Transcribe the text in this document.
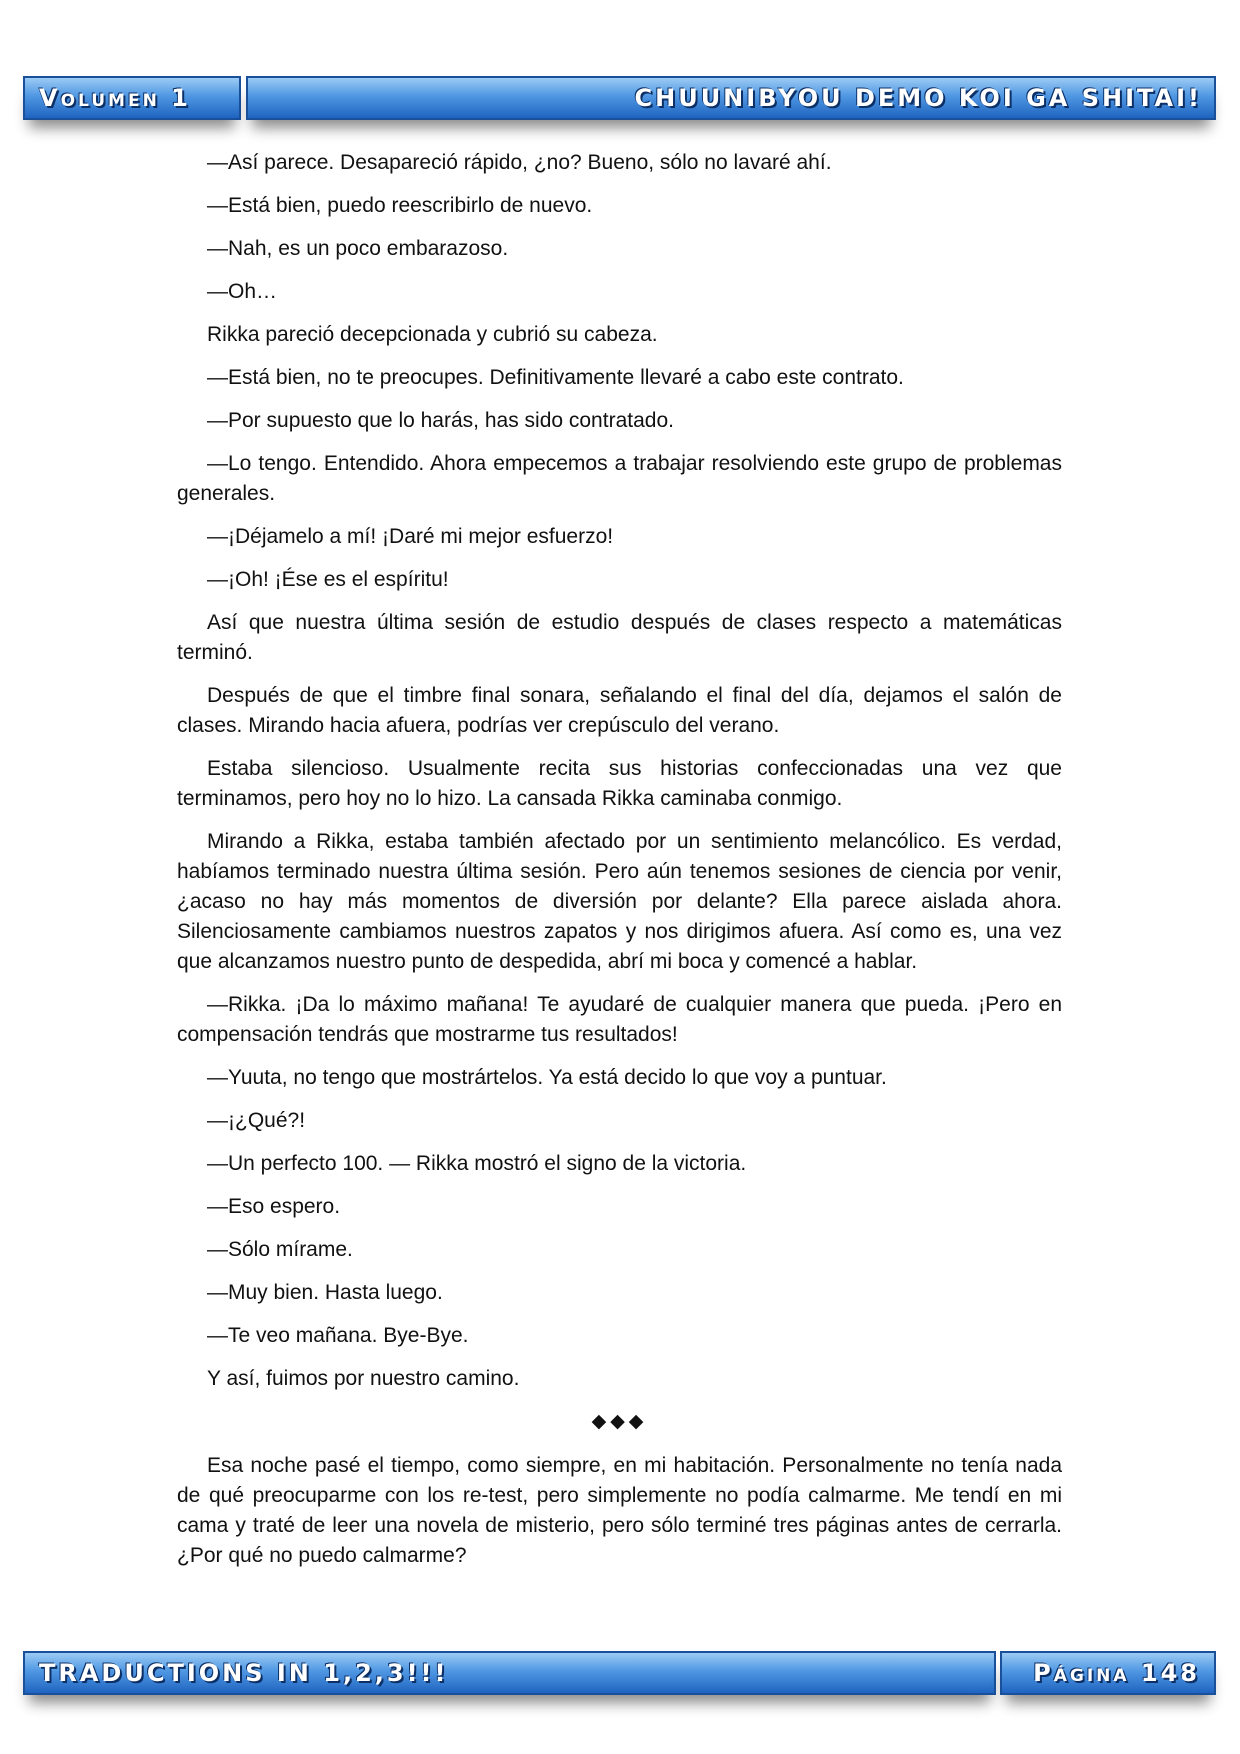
Volumen 1	CHUUNIBYOU DEMO KOI GA SHITAI!

—Así parece. Desapareció rápido, ¿no? Bueno, sólo no lavaré ahí.

—Está bien, puedo reescribirlo de nuevo.

—Nah, es un poco embarazoso.

—Oh…

Rikka pareció decepcionada y cubrió su cabeza.

—Está bien, no te preocupes. Definitivamente llevaré a cabo este contrato.

—Por supuesto que lo harás, has sido contratado.

—Lo tengo. Entendido. Ahora empecemos a trabajar resolviendo este grupo de problemas generales.

—¡Déjamelo a mí! ¡Daré mi mejor esfuerzo!

—¡Oh! ¡Ése es el espíritu!

Así que nuestra última sesión de estudio después de clases respecto a matemáticas terminó.

Después de que el timbre final sonara, señalando el final del día, dejamos el salón de clases. Mirando hacia afuera, podrías ver crepúsculo del verano.

Estaba silencioso. Usualmente recita sus historias confeccionadas una vez que terminamos, pero hoy no lo hizo. La cansada Rikka caminaba conmigo.

Mirando a Rikka, estaba también afectado por un sentimiento melancólico. Es verdad, habíamos terminado nuestra última sesión. Pero aún tenemos sesiones de ciencia por venir, ¿acaso no hay más momentos de diversión por delante? Ella parece aislada ahora. Silenciosamente cambiamos nuestros zapatos y nos dirigimos afuera. Así como es, una vez que alcanzamos nuestro punto de despedida, abrí mi boca y comencé a hablar.

—Rikka. ¡Da lo máximo mañana! Te ayudaré de cualquier manera que pueda. ¡Pero en compensación tendrás que mostrarme tus resultados!

—Yuuta, no tengo que mostrártelos. Ya está decido lo que voy a puntuar.

—¡¿Qué?!

—Un perfecto 100. — Rikka mostró el signo de la victoria.

—Eso espero.

—Sólo mírame.

—Muy bien. Hasta luego.

—Te veo mañana. Bye-Bye.

Y así, fuimos por nuestro camino.

◆◆◆

Esa noche pasé el tiempo, como siempre, en mi habitación. Personalmente no tenía nada de qué preocuparme con los re-test, pero simplemente no podía calmarme. Me tendí en mi cama y traté de leer una novela de misterio, pero sólo terminé tres páginas antes de cerrarla. ¿Por qué no puedo calmarme?

TRADUCTIONS IN 1,2,3!!!	Página 148
